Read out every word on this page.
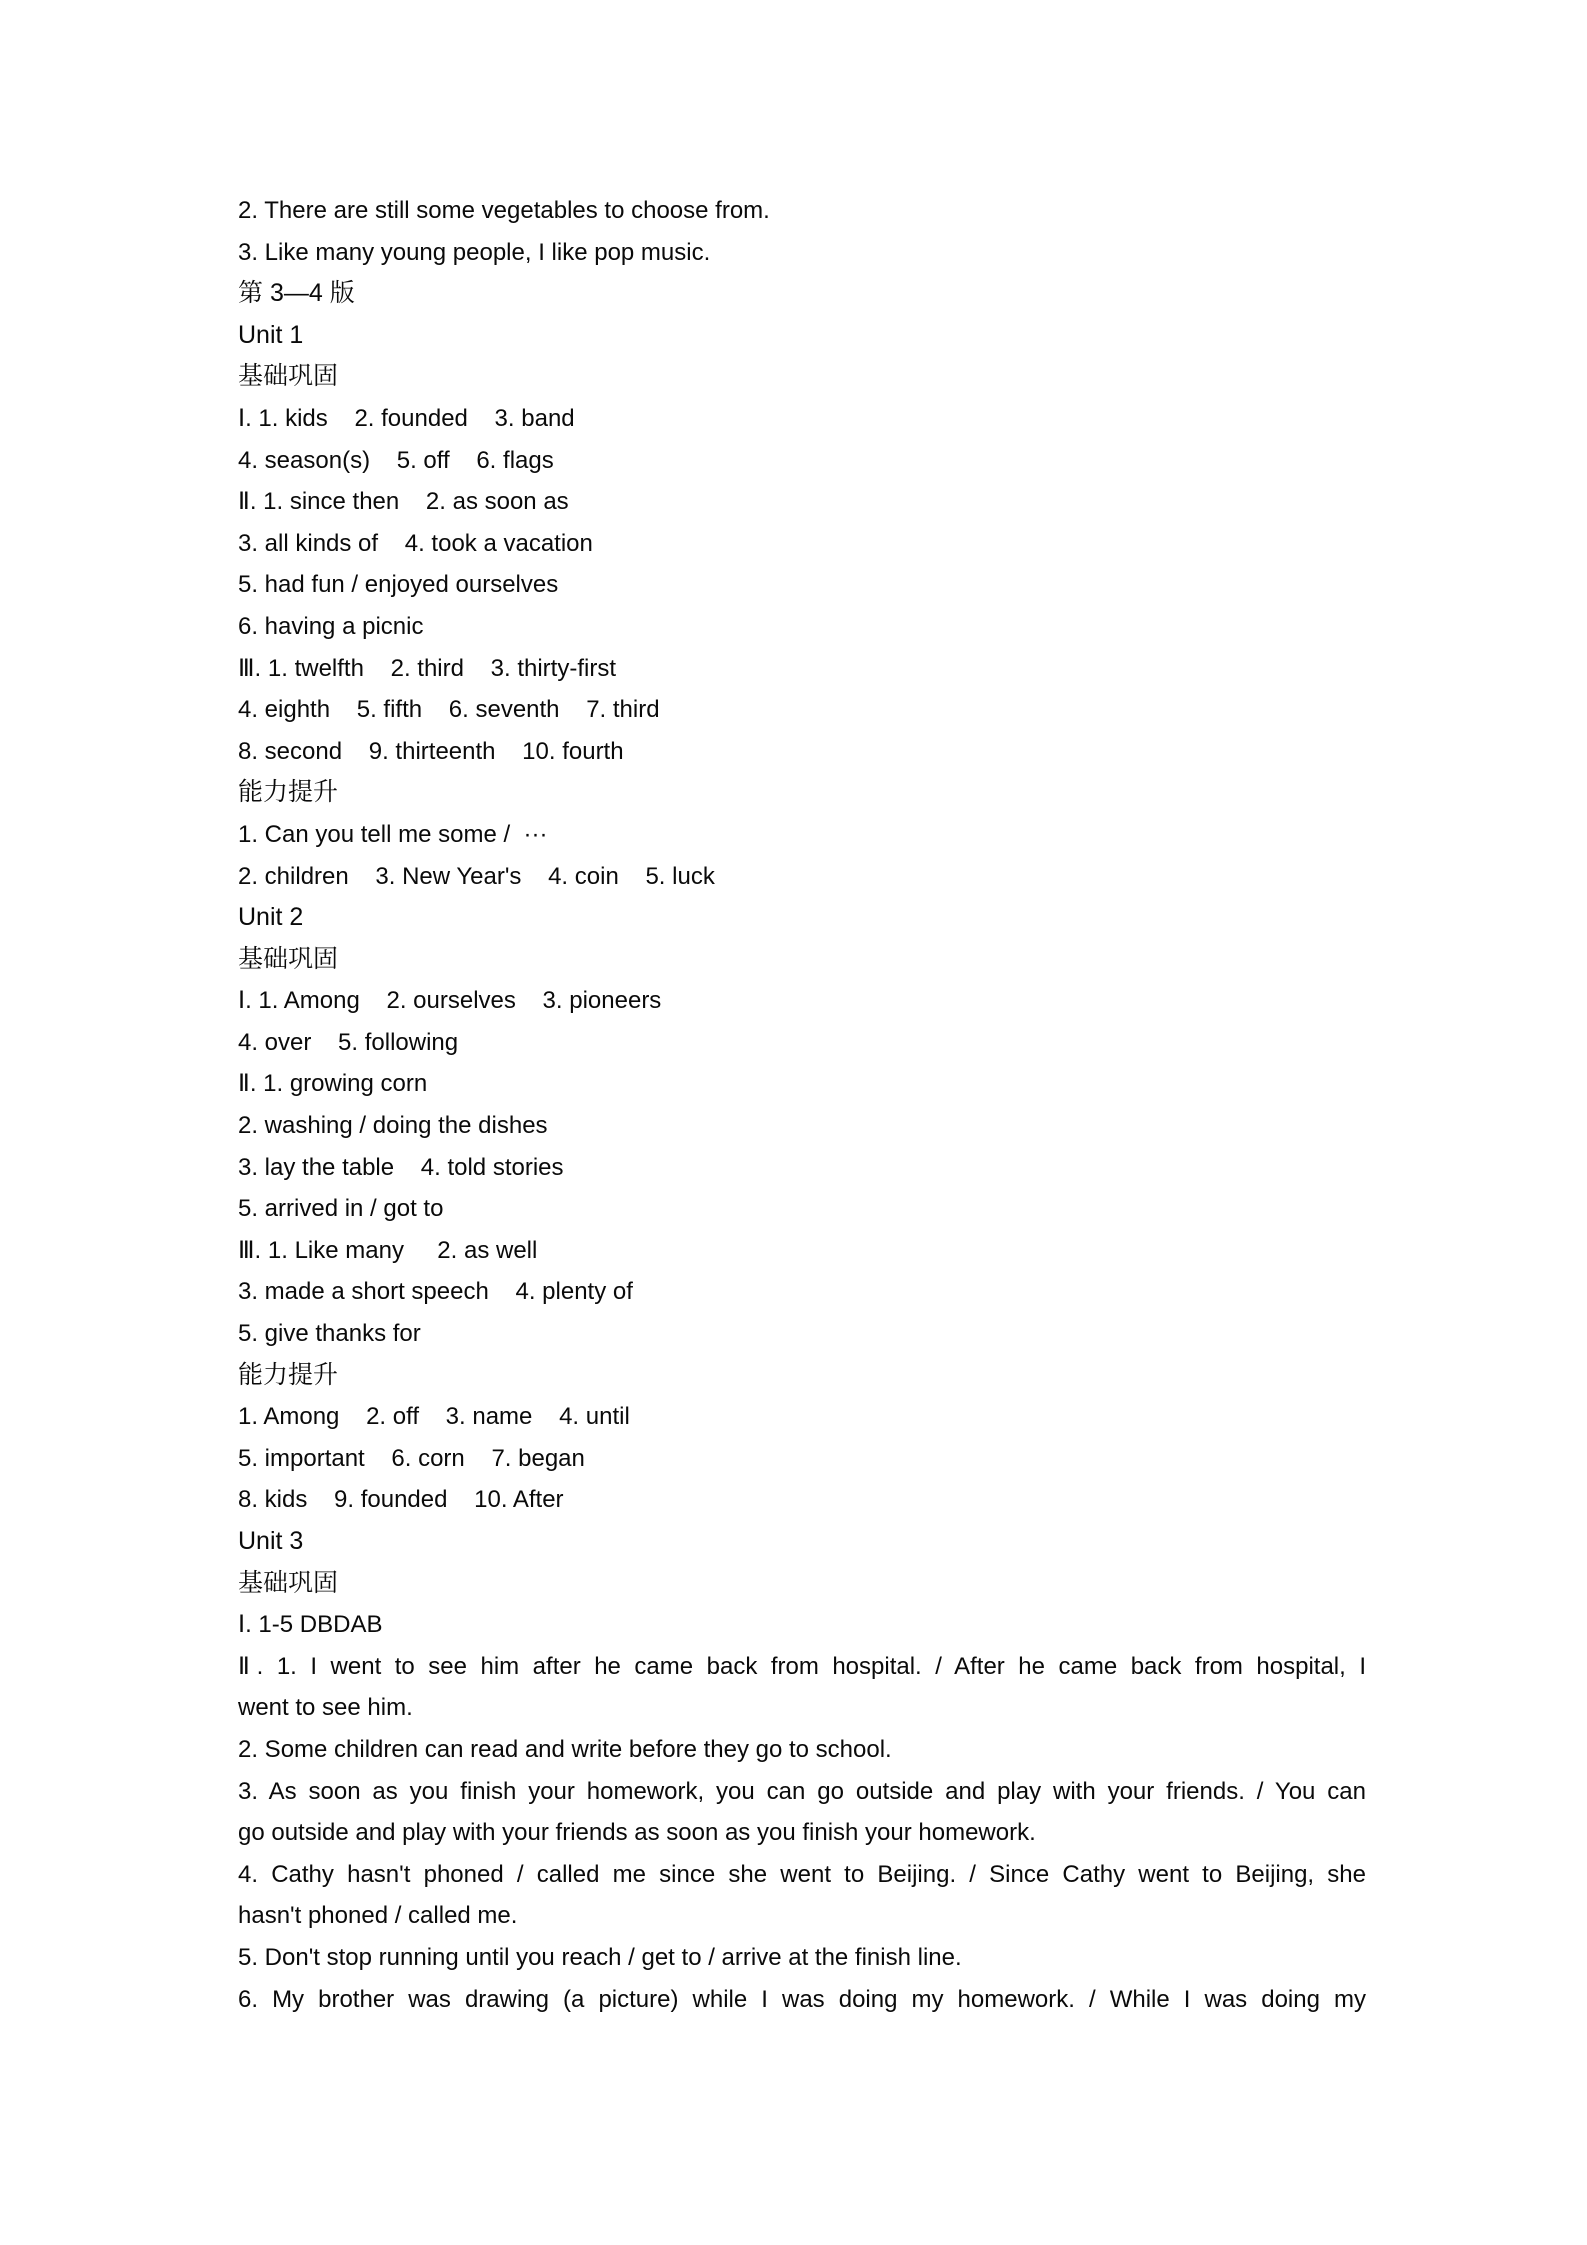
2. There are still some vegetables to choose from.
3. Like many young people, I like pop music.
第 3—4 版
Unit 1
基础巩固
Ⅰ. 1. kids    2. founded    3. band
4. season(s)    5. off    6. flags
Ⅱ. 1. since then    2. as soon as
3. all kinds of    4. took a vacation
5. had fun / enjoyed ourselves
6. having a picnic
Ⅲ. 1. twelfth    2. third    3. thirty-first
4. eighth    5. fifth    6. seventh    7. third
8. second    9. thirteenth    10. fourth
能力提升
1. Can you tell me some /  ···
2. children    3. New Year's    4. coin    5. luck
Unit 2
基础巩固
Ⅰ. 1. Among    2. ourselves    3. pioneers
4. over    5. following
Ⅱ. 1. growing corn
2. washing / doing the dishes
3. lay the table    4. told stories
5. arrived in / got to
Ⅲ. 1. Like many     2. as well
3. made a short speech    4. plenty of
5. give thanks for
能力提升
1. Among    2. off    3. name    4. until
5. important    6. corn    7. began
8. kids    9. founded    10. After
Unit 3
基础巩固
Ⅰ. 1-5 DBDAB
Ⅱ. 1. I went to see him after he came back from hospital. / After he came back from hospital, I
went to see him.
2. Some children can read and write before they go to school.
3. As soon as you finish your homework, you can go outside and play with your friends. / You can
go outside and play with your friends as soon as you finish your homework.
4. Cathy hasn't phoned / called me since she went to Beijing. / Since Cathy went to Beijing, she
hasn't phoned / called me.
5. Don't stop running until you reach / get to / arrive at the finish line.
6. My brother was drawing (a picture) while I was doing my homework. / While I was doing my
